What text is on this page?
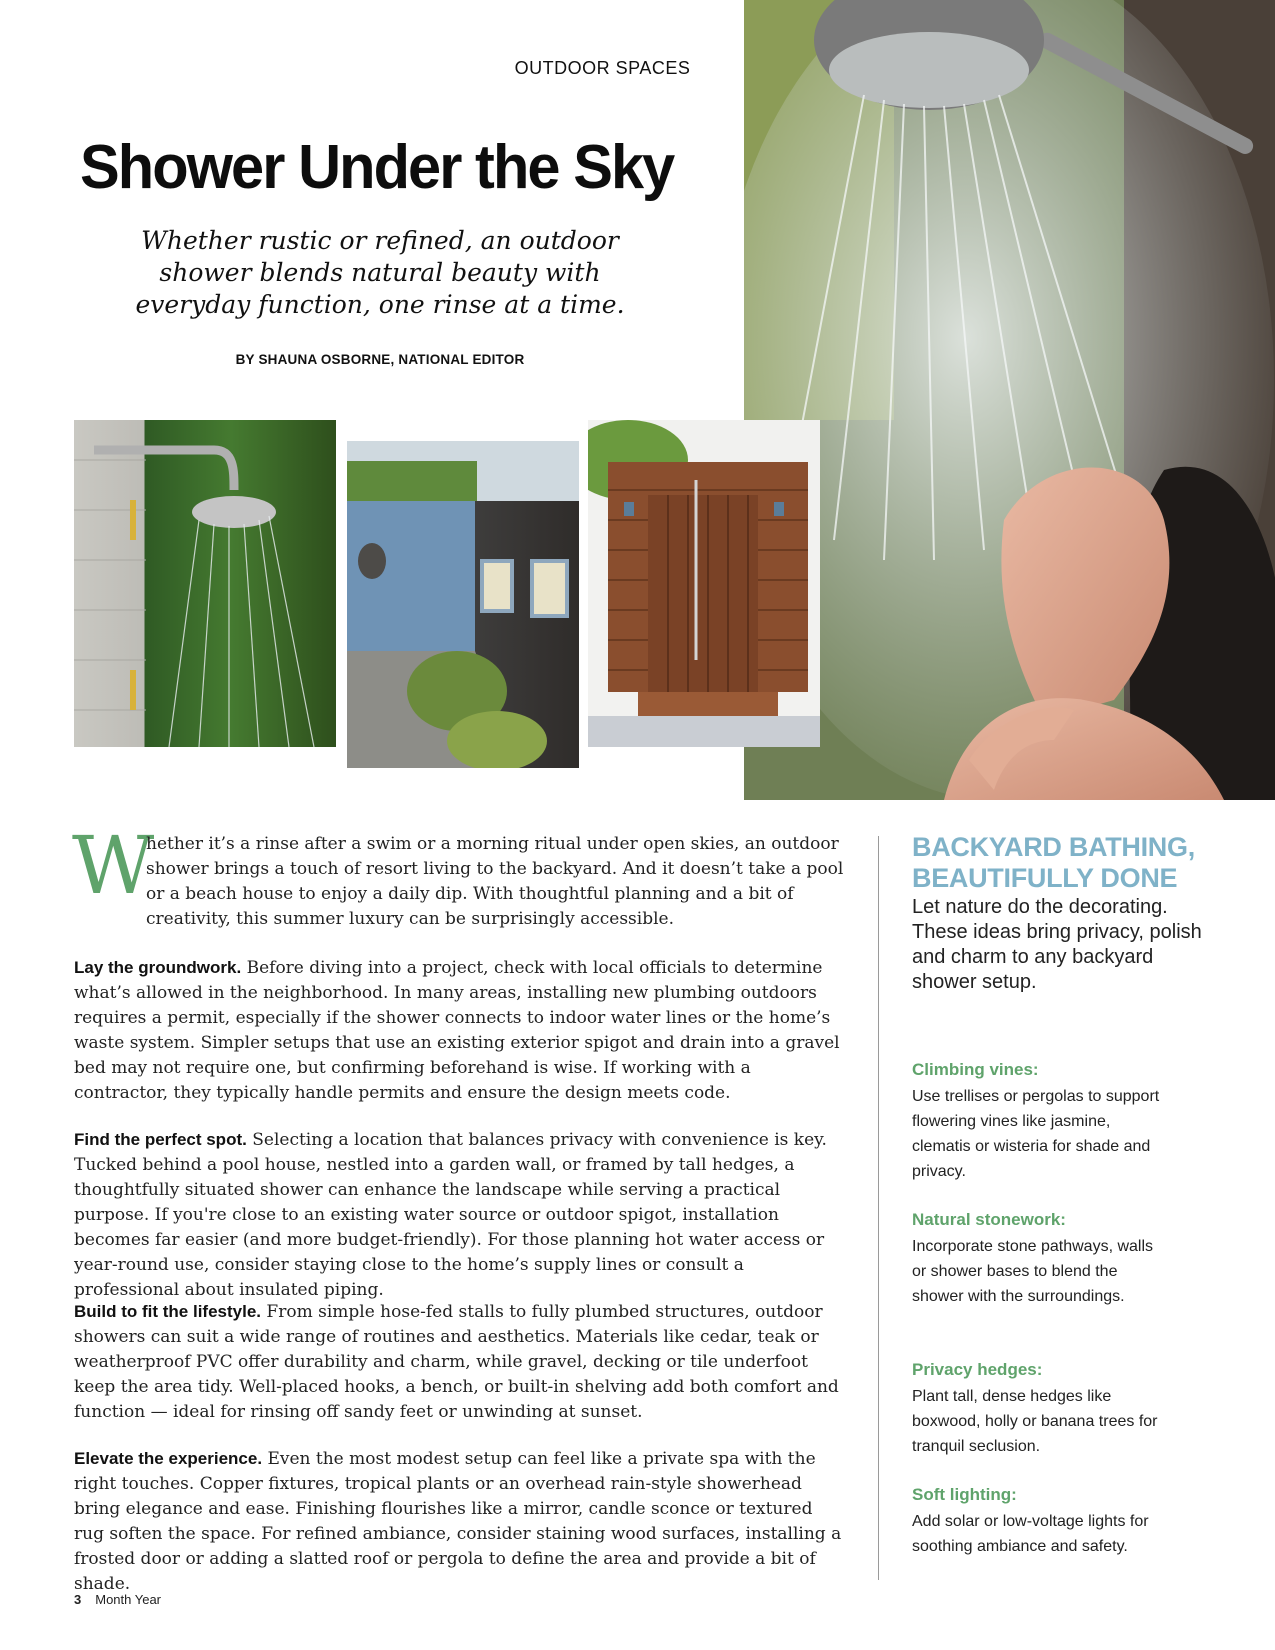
OUTDOOR SPACES
Shower Under the Sky
Whether rustic or refined, an outdoor shower blends natural beauty with everyday function, one rinse at a time.
BY SHAUNA OSBORNE, NATIONAL EDITOR
W

hether it’s a rinse after a swim or a morning ritual under open skies, an outdoor shower brings a touch of resort living to the backyard. And it doesn’t take a pool or a beach house to enjoy a daily dip. With thoughtful planning and a bit of creativity, this summer luxury can be surprisingly accessible.

Lay the groundwork. Before diving into a project, check with local officials to determine what’s allowed in the neighborhood. In many areas, installing new plumbing outdoors requires a permit, especially if the shower connects to indoor water lines or the home’s waste system. Simpler setups that use an existing exterior spigot and drain into a gravel bed may not require one, but confirming beforehand is wise. If working with a contractor, they typically handle permits and ensure the design meets code.

Find the perfect spot. Selecting a location that balances privacy with convenience is key. Tucked behind a pool house, nestled into a garden wall, or framed by tall hedges, a thoughtfully situated shower can enhance the landscape while serving a practical purpose. If you're close to an existing water source or outdoor spigot, installation becomes far easier (and more budget-friendly). For those planning hot water access or year-round use, consider staying close to the home’s supply lines or consult a professional about insulated piping.

Build to fit the lifestyle. From simple hose-fed stalls to fully plumbed structures, outdoor showers can suit a wide range of routines and aesthetics. Materials like cedar, teak or weatherproof PVC offer durability and charm, while gravel, decking or tile underfoot keep the area tidy. Well-placed hooks, a bench, or built-in shelving add both comfort and function — ideal for rinsing off sandy feet or unwinding at sunset.

Elevate the experience. Even the most modest setup can feel like a private spa with the right touches. Copper fixtures, tropical plants or an overhead rain-style showerhead bring elegance and ease. Finishing flourishes like a mirror, candle sconce or textured rug soften the space. For refined ambiance, consider staining wood surfaces, installing a frosted door or adding a slatted roof or pergola to define the area and provide a bit of shade.

BACKYARD BATHING, BEAUTIFULLY DONE
Let nature do the decorating. These ideas bring privacy, polish and charm to any backyard shower setup.
Climbing vines:
Use trellises or pergolas to support flowering vines like jasmine, clematis or wisteria for shade and privacy.
Natural stonework:
Incorporate stone pathways, walls or shower bases to blend the shower with the surroundings.
Privacy hedges:
Plant tall, dense hedges like boxwood, holly or banana trees for tranquil seclusion.
Soft lighting:
Add solar or low-voltage lights for soothing ambiance and safety.
3 Month Year
